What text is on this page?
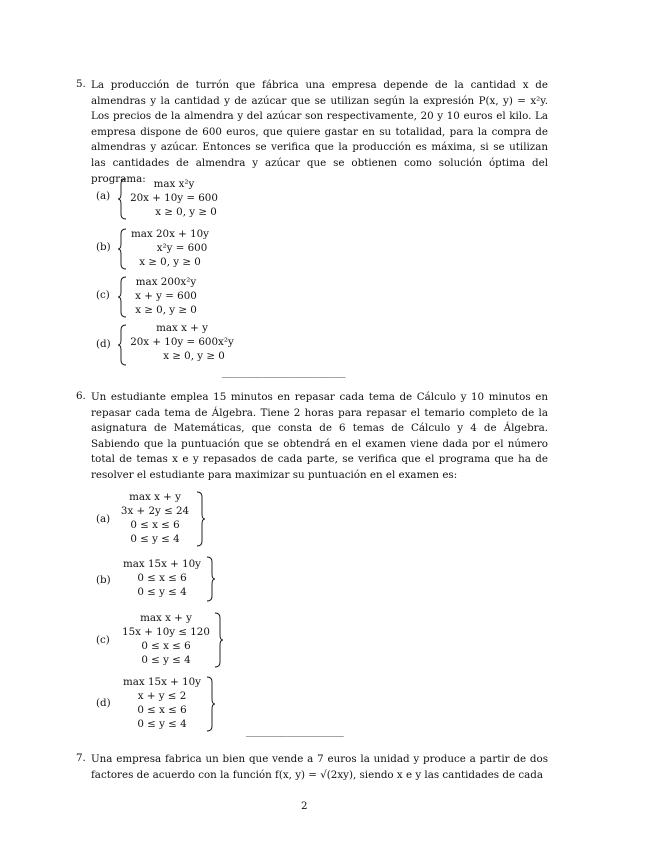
5. La producción de turrón que fábrica una empresa depende de la cantidad x de almendras y la cantidad y de azúcar que se utilizan según la expresión P(x, y) = x²y. Los precios de la almendra y del azúcar son respectivamente, 20 y 10 euros el kilo. La empresa dispone de 600 euros, que quiere gastar en su totalidad, para la compra de almendras y azúcar. Entonces se verifica que la producción es máxima, si se utilizan las cantidades de almendra y azúcar que se obtienen como solución óptima del programa:
(a)
max x²y
20x + 10y = 600
x ≥ 0, y ≥ 0
(b)
max 20x + 10y
x²y = 600
x ≥ 0, y ≥ 0
(c)
max 200x²y
x + y = 600
x ≥ 0, y ≥ 0
(d)
max x + y
20x + 10y = 600x²y
x ≥ 0, y ≥ 0
________________________
6. Un estudiante emplea 15 minutos en repasar cada tema de Cálculo y 10 minutos en repasar cada tema de Álgebra. Tiene 2 horas para repasar el temario completo de la asignatura de Matemáticas, que consta de 6 temas de Cálculo y 4 de Álgebra. Sabiendo que la puntuación que se obtendrá en el examen viene dada por el número total de temas x e y repasados de cada parte, se verifica que el programa que ha de resolver el estudiante para maximizar su puntuación en el examen es:
(a)
max x + y
3x + 2y ≤ 24
0 ≤ x ≤ 6
0 ≤ y ≤ 4
(b)
max 15x + 10y
0 ≤ x ≤ 6
0 ≤ y ≤ 4
(c)
max x + y
15x + 10y ≤ 120
0 ≤ x ≤ 6
0 ≤ y ≤ 4
(d)
max 15x + 10y
x + y ≤ 2
0 ≤ x ≤ 6
0 ≤ y ≤ 4
___________________
7. Una empresa fabrica un bien que vende a 7 euros la unidad y produce a partir de dos factores de acuerdo con la función f(x, y) = √(2xy), siendo x e y las cantidades de cada
2
